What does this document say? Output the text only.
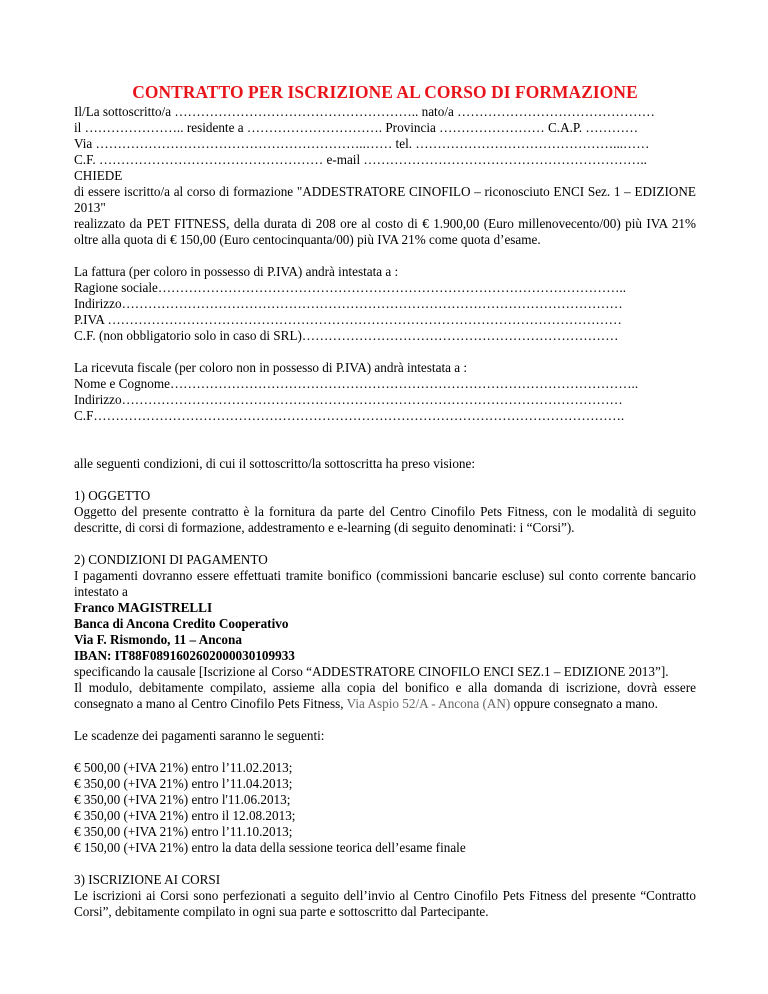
CONTRATTO PER ISCRIZIONE AL CORSO DI FORMAZIONE
Il/La sottoscritto/a ……………………………………………….. nato/a ………………………………………
il ………………….. residente a …………………………. Provincia …………………… C.A.P. …………
Via ……………………………………………………..…… tel. ………………………………………...……
C.F. …………………………………………… e-mail ………………………………………………………..
CHIEDE
di essere iscritto/a al corso di formazione "ADDESTRATORE CINOFILO – riconosciuto ENCI Sez. 1 – EDIZIONE 2013"
realizzato da PET FITNESS, della durata di 208 ore al costo di € 1.900,00 (Euro millenovecento/00) più IVA 21% oltre alla quota di € 150,00 (Euro centocinquanta/00) più IVA 21% come quota d’esame.
La fattura (per coloro in possesso di P.IVA) andrà intestata a :
Ragione sociale……………………………………………………………………………………………..
Indirizzo……………………………………………………………………………………………………
P.IVA ………………………………………………………………………………………………………
C.F. (non obbligatorio solo in caso di SRL)………………………………………………………………
La ricevuta fiscale (per coloro non in possesso di P.IVA) andrà intestata a :
Nome e Cognome……………………………………………………………………………………………..
Indirizzo……………………………………………………………………………………………………
C.F………………………………………………………………………………………………………….
alle seguenti condizioni, di cui il sottoscritto/la sottoscritta ha preso visione:
1) OGGETTO
Oggetto del presente contratto è la fornitura da parte del Centro Cinofilo Pets Fitness, con le modalità di seguito descritte, di corsi di formazione, addestramento e e-learning (di seguito denominati: i “Corsi”).
2) CONDIZIONI DI PAGAMENTO
I pagamenti dovranno essere effettuati tramite bonifico (commissioni bancarie escluse) sul conto corrente bancario intestato a
Franco MAGISTRELLI
Banca di Ancona Credito Cooperativo
Via F. Rismondo, 11 – Ancona
IBAN: IT88F0891602602000030109933
specificando la causale [Iscrizione al Corso “ADDESTRATORE CINOFILO ENCI SEZ.1 – EDIZIONE 2013”].
Il modulo, debitamente compilato, assieme alla copia del bonifico e alla domanda di iscrizione, dovrà essere consegnato a mano al Centro Cinofilo Pets Fitness, Via Aspio 52/A - Ancona (AN) oppure consegnato a mano.
Le scadenze dei pagamenti saranno le seguenti:
€ 500,00 (+IVA 21%) entro l’11.02.2013;
€ 350,00 (+IVA 21%) entro l’11.04.2013;
€ 350,00 (+IVA 21%) entro l'11.06.2013;
€ 350,00 (+IVA 21%) entro il 12.08.2013;
€ 350,00 (+IVA 21%) entro l’11.10.2013;
€ 150,00 (+IVA 21%) entro la data della sessione teorica dell’esame finale
3) ISCRIZIONE AI CORSI
Le iscrizioni ai Corsi sono perfezionati a seguito dell’invio al Centro Cinofilo Pets Fitness del presente “Contratto Corsi”, debitamente compilato in ogni sua parte e sottoscritto dal Partecipante.
